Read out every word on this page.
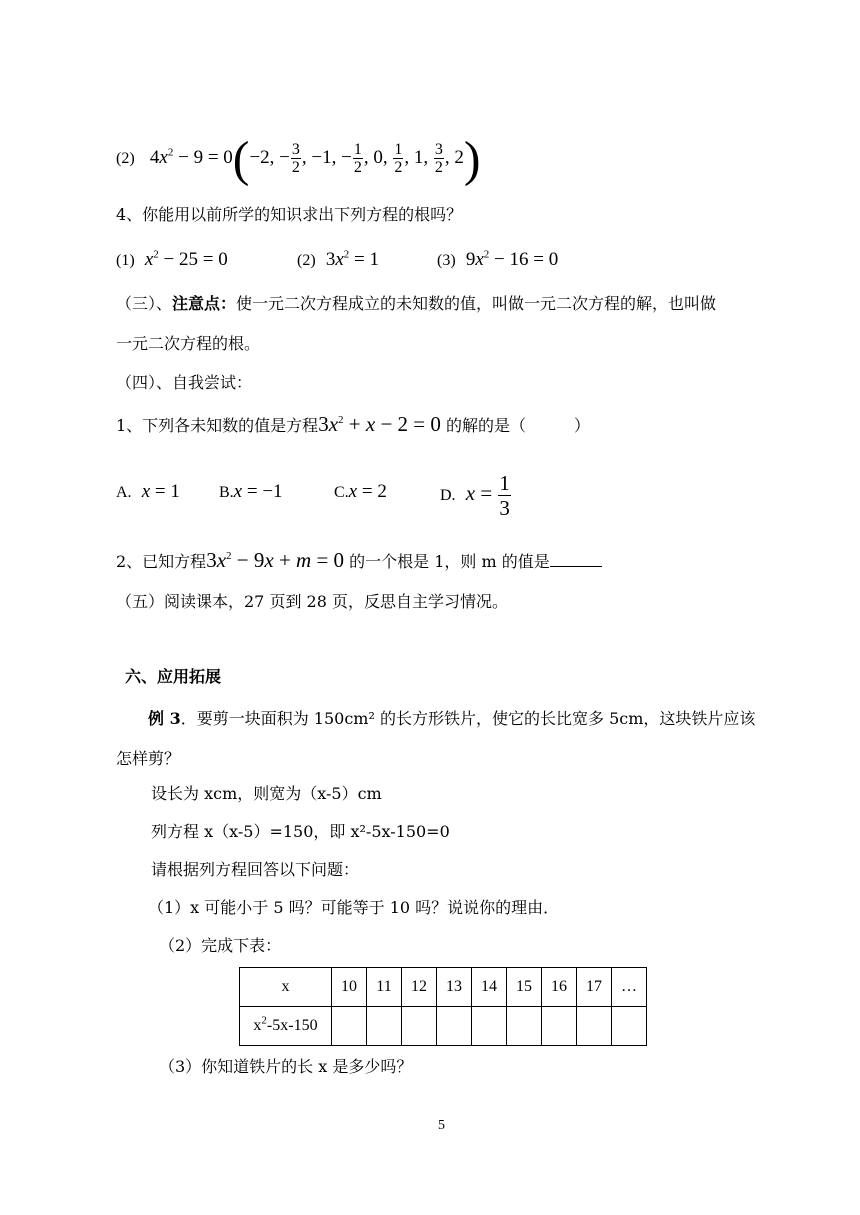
(2) $4x^2 - 9 = 0(-2$, − $\frac{3}{2}$ , −1, − $\frac{1}{2}$ , 0, $\frac{1}{2}$ , 1, $\frac{3}{2}$ , 2)
4、你能用以前所学的知识求出下列方程的根吗？
(1) $x^2 - 25 = 0$	(2) $3x^2 = 1$	(3) $9x^2 - 16 = 0$
（三）、注意点：使一元二次方程成立的未知数的值，叫做一元二次方程的解，也叫做
一元二次方程的根。
（四）、自我尝试：
1、下列各未知数的值是方程$3x^2 + x - 2 = 0$ 的解的是（　　　）
A. x = 1 B.x = −1	C.x = 2	D. $x = \frac{1}{3}$
2、已知方程$3x^2 - 9x + m = 0$ 的一个根是 1，则 m 的值是
（五）阅读课本，27 页到 28 页，反思自主学习情况。
六、应用拓展
例 3．要剪一块面积为 150cm² 的长方形铁片，使它的长比宽多 5cm，这块铁片应该
怎样剪？
设长为 xcm，则宽为（x-5）cm
列方程 x（x-5）=150，即 x²-5x-150=0
请根据列方程回答以下问题：
（1）x 可能小于 5 吗？可能等于 10 吗？说说你的理由．
（2）完成下表：
x	10	11	12	13	14	15	16	17	…
$x^2-5x-150$									
（3）你知道铁片的长 x 是多少吗？
5
